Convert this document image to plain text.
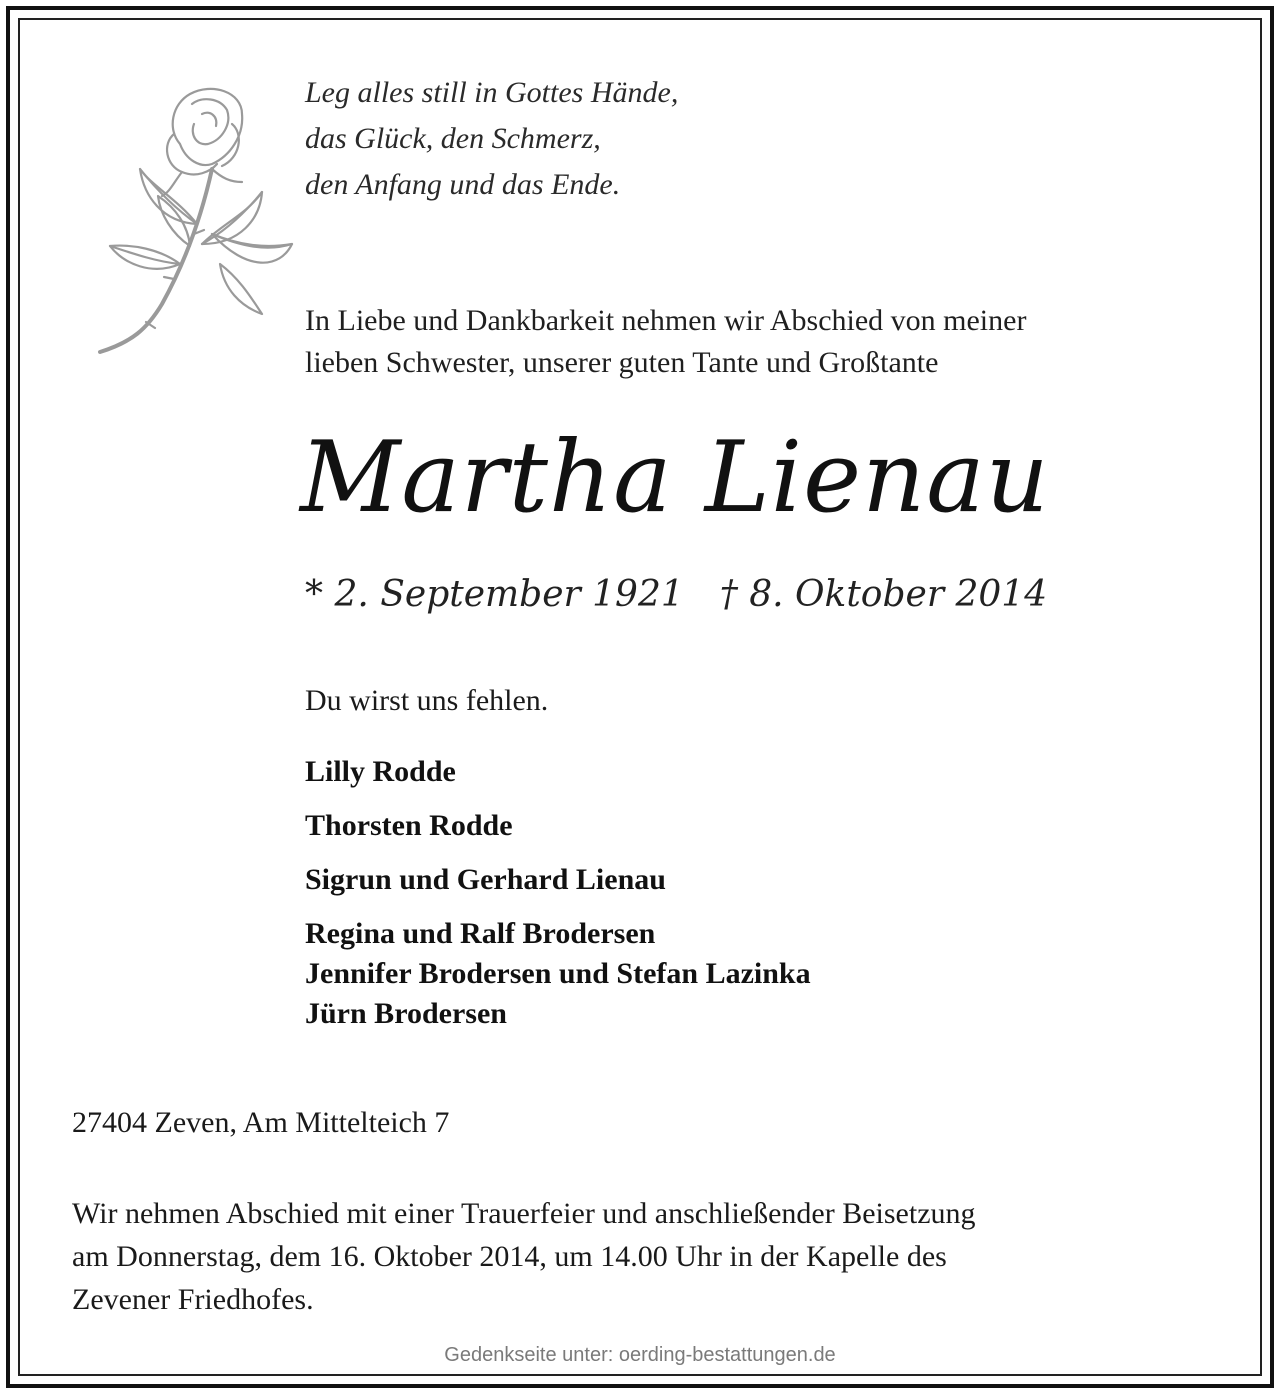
Leg alles still in Gottes Hände,
das Glück, den Schmerz,
den Anfang und das Ende.
In Liebe und Dankbarkeit nehmen wir Abschied von meiner
lieben Schwester, unserer guten Tante und Großtante
Martha Lienau
* 2. September 1921 † 8. Oktober 2014
Du wirst uns fehlen.
Lilly Rodde
Thorsten Rodde
Sigrun und Gerhard Lienau
Regina und Ralf Brodersen
Jennifer Brodersen und Stefan Lazinka
Jürn Brodersen
27404 Zeven, Am Mittelteich 7
Wir nehmen Abschied mit einer Trauerfeier und anschließender Beisetzung
am Donnerstag, dem 16. Oktober 2014, um 14.00 Uhr in der Kapelle des
Zevener Friedhofes.
Gedenkseite unter: oerding-bestattungen.de
